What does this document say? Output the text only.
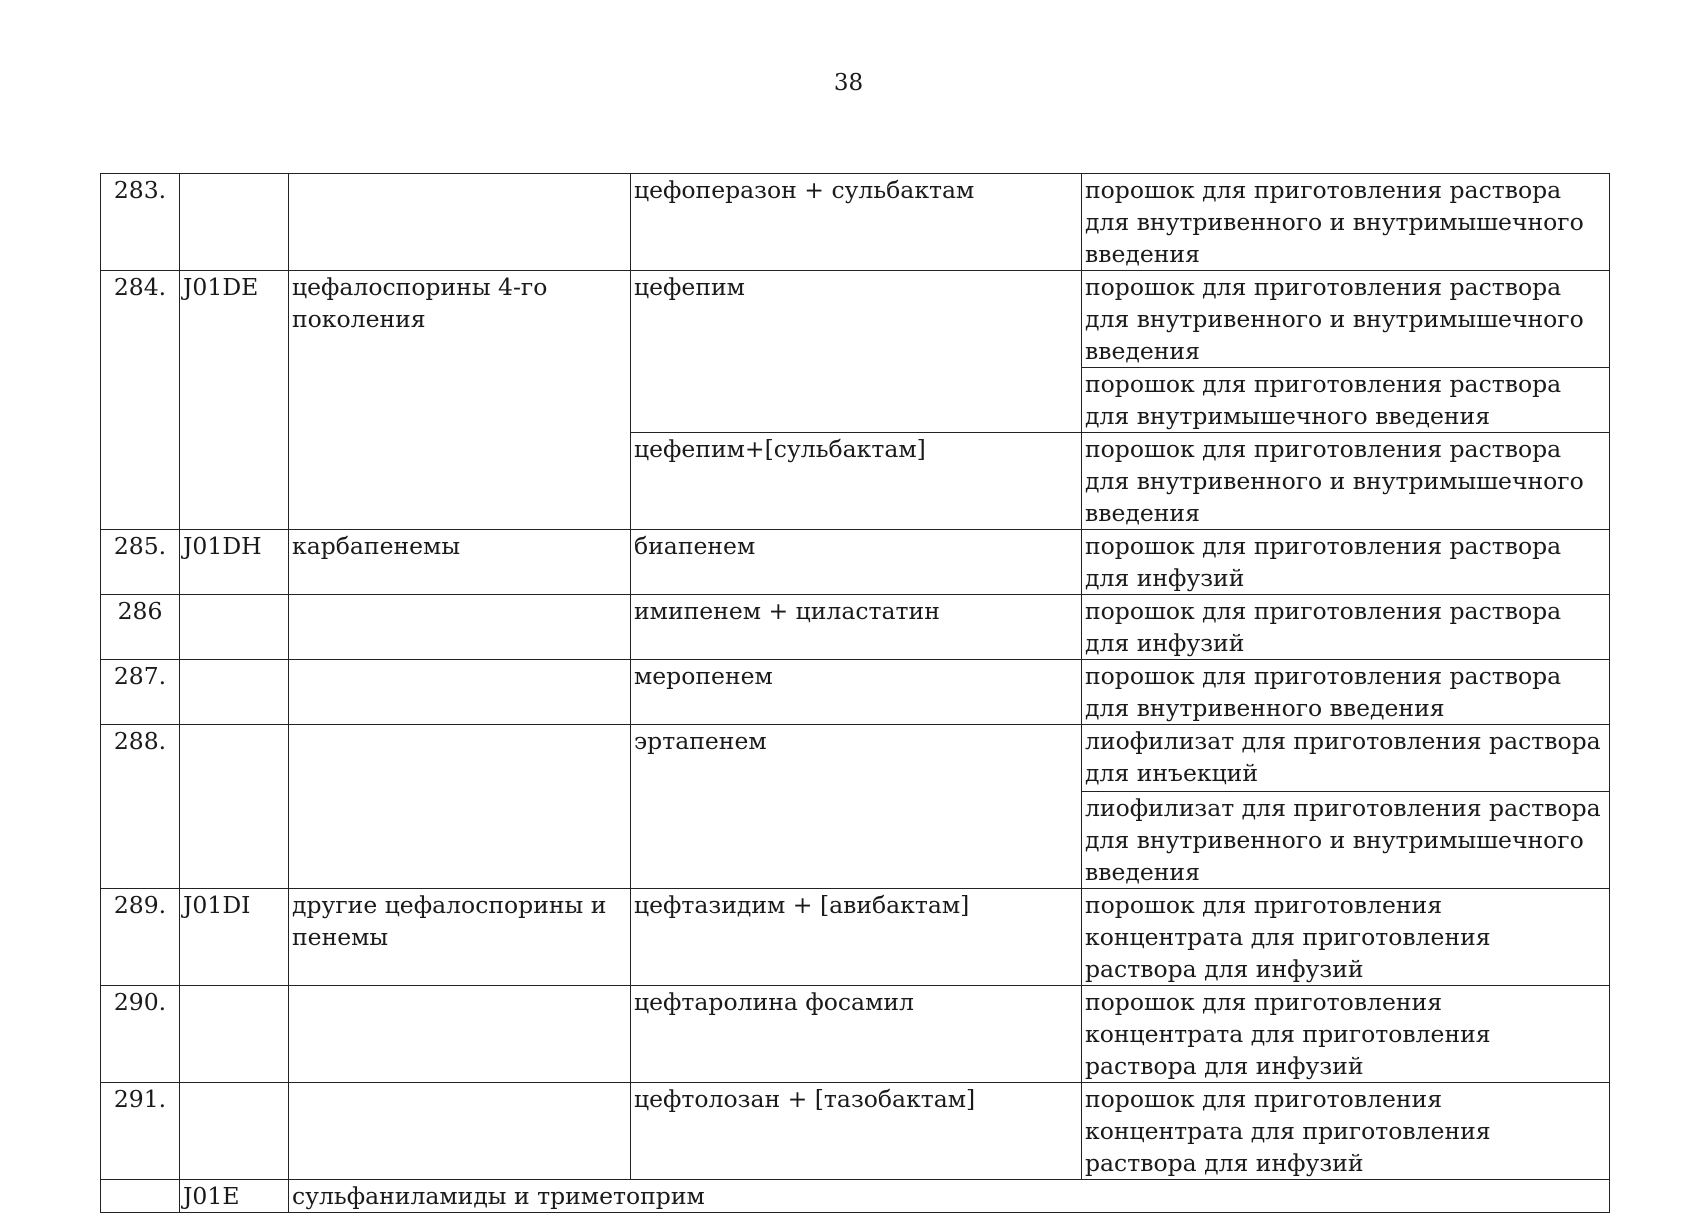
38
283.			цефоперазон + сульбактам	порошок для приготовления раствора для внутривенного и внутримышечного введения
284.	J01DE	цефалоспорины 4-го поколения	цефепим	порошок для приготовления раствора для внутривенного и внутримышечного введения
				порошок для приготовления раствора для внутримышечного введения
			цефепим+[сульбактам]	порошок для приготовления раствора для внутривенного и внутримышечного введения
285.	J01DH	карбапенемы	биапенем	порошок для приготовления раствора для инфузий
286			имипенем + циластатин	порошок для приготовления раствора для инфузий
287.			меропенем	порошок для приготовления раствора для внутривенного введения
288.			эртапенем	лиофилизат для приготовления раствора для инъекций
				лиофилизат для приготовления раствора для внутривенного и внутримышечного введения
289.	J01DI	другие цефалоспорины и пенемы	цефтазидим + [авибактам]	порошок для приготовления концентрата для приготовления раствора для инфузий
290.			цефтаролина фосамил	порошок для приготовления концентрата для приготовления раствора для инфузий
291.			цефтолозан + [тазобактам]	порошок для приготовления концентрата для приготовления раствора для инфузий
	J01E	сульфаниламиды и триметоприм		
